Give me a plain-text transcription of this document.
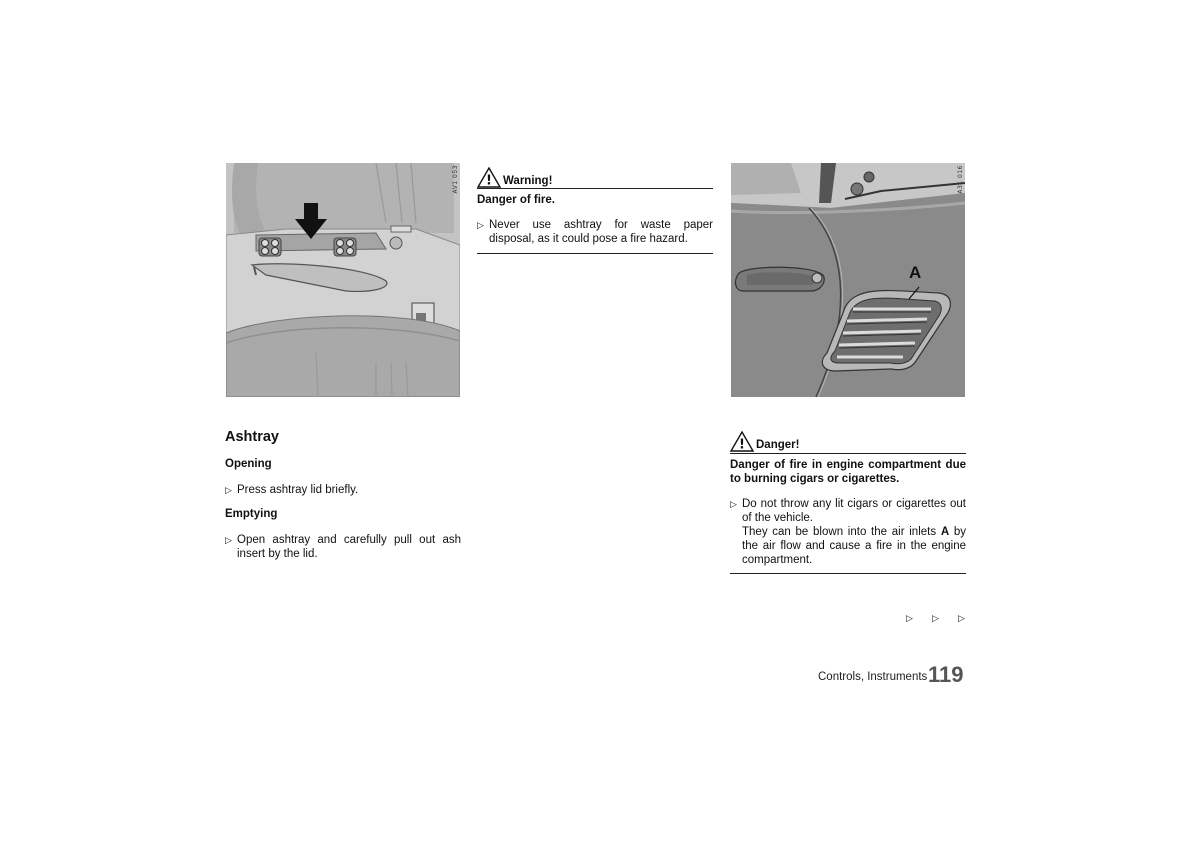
AV1 053 ! Warning!
Danger of fire.
▷ Never use ashtray for waste paper disposal, as it could pose a fire hazard.
A
A31 016
Ashtray
Opening
▷ Press ashtray lid briefly.
Emptying
▷ Open ashtray and carefully pull out ash insert by the lid.
! Danger!
Danger of fire in engine compartment due to burning cigars or cigarettes.
▷ Do not throw any lit cigars or cigarettes out of the vehicle.
They can be blown into the air inlets A by the air flow and cause a fire in the engine compartment.
▷ ▷ ▷
Controls, Instruments 119
